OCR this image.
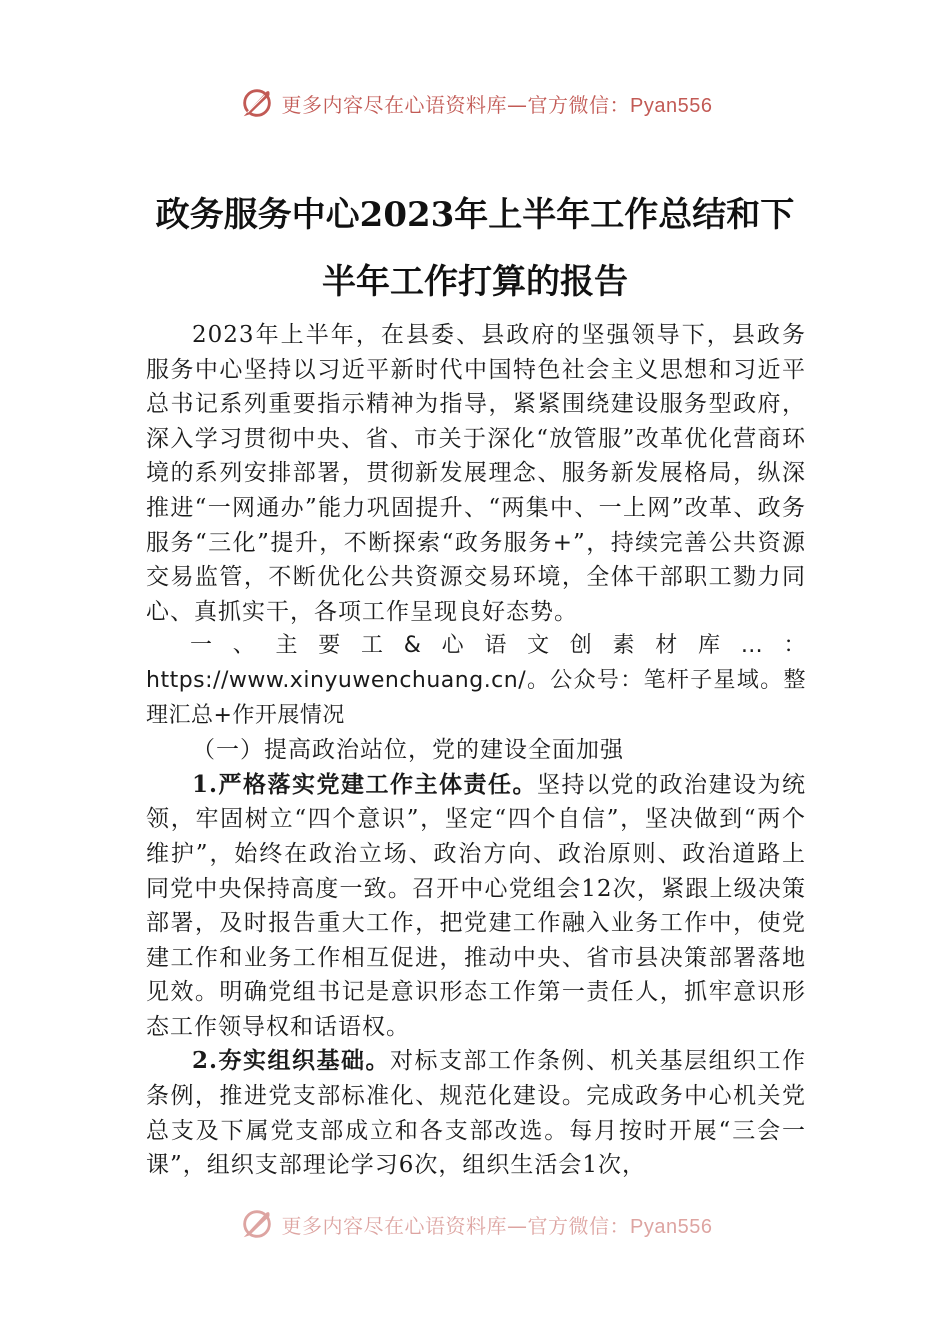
更多内容尽在心语资料库—官方微信：Pyan556
政务服务中心2023年上半年工作总结和下
半年工作打算的报告

2023年上半年，在县委、县政府的坚强领导下，县政务服务中心坚持以习近平新时代中国特色社会主义思想和习近平总书记系列重要指示精神为指导，紧紧围绕建设服务型政府，深入学习贯彻中央、省、市关于深化“放管服”改革优化营商环境的系列安排部署，贯彻新发展理念、服务新发展格局，纵深推进“一网通办”能力巩固提升、“两集中、一上网”改革、政务服务“三化”提升，不断探索“政务服务+”，持续完善公共资源交易监管，不断优化公共资源交易环境，全体干部职工勠力同心、真抓实干，各项工作呈现良好态势。

一、主要工&心语文创素材库…：https://www.xinyuwenchuang.cn/。公众号：笔杆子星域。整理汇总+作开展情况

（一）提高政治站位，党的建设全面加强

1.严格落实党建工作主体责任。坚持以党的政治建设为统领，牢固树立“四个意识”，坚定“四个自信”，坚决做到“两个维护”，始终在政治立场、政治方向、政治原则、政治道路上同党中央保持高度一致。召开中心党组会12次，紧跟上级决策部署，及时报告重大工作，把党建工作融入业务工作中，使党建工作和业务工作相互促进，推动中央、省市县决策部署落地见效。明确党组书记是意识形态工作第一责任人，抓牢意识形态工作领导权和话语权。

2.夯实组织基础。对标支部工作条例、机关基层组织工作条例，推进党支部标准化、规范化建设。完成政务中心机关党总支及下属党支部成立和各支部改选。每月按时开展“三会一课”，组织支部理论学习6次，组织生活会1次，

更多内容尽在心语资料库—官方微信：Pyan556
